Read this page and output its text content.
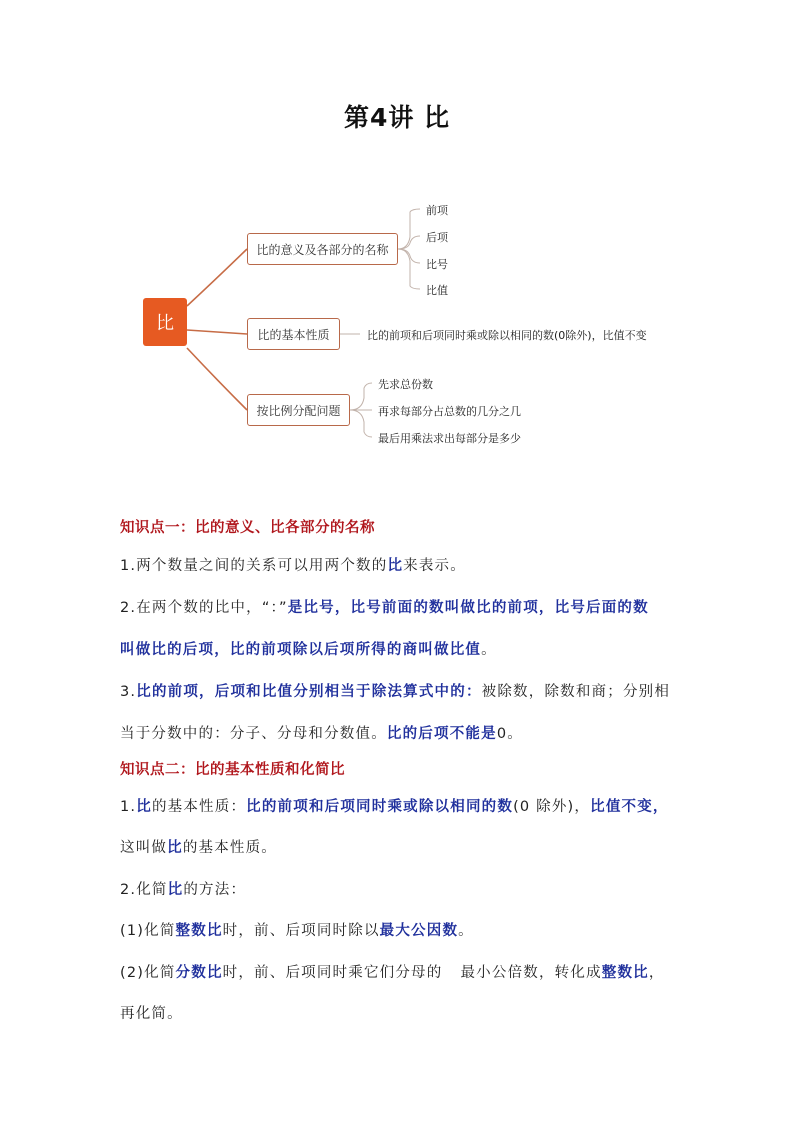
第4讲 比
比
比的意义及各部分的名称
比的基本性质
按比例分配问题
前项
后项
比号
比值
比的前项和后项同时乘或除以相同的数(0除外)，比值不变
先求总份数
再求每部分占总数的几分之几
最后用乘法求出每部分是多少
知识点一：比的意义、比各部分的名称
1.两个数量之间的关系可以用两个数的比来表示。
2.在两个数的比中，“：”是比号，比号前面的数叫做比的前项，比号后面的数
叫做比的后项，比的前项除以后项所得的商叫做比值。
3.比的前项，后项和比值分别相当于除法算式中的：被除数，除数和商；分别相
当于分数中的：分子、分母和分数值。比的后项不能是0。
知识点二：比的基本性质和化简比
1.比的基本性质：比的前项和后项同时乘或除以相同的数(0 除外)，比值不变，
这叫做比的基本性质。
2.化简比的方法：
(1)化简整数比时，前、后项同时除以最大公因数。
(2)化简分数比时，前、后项同时乘它们分母的 最小公倍数，转化成整数比，
再化简。
